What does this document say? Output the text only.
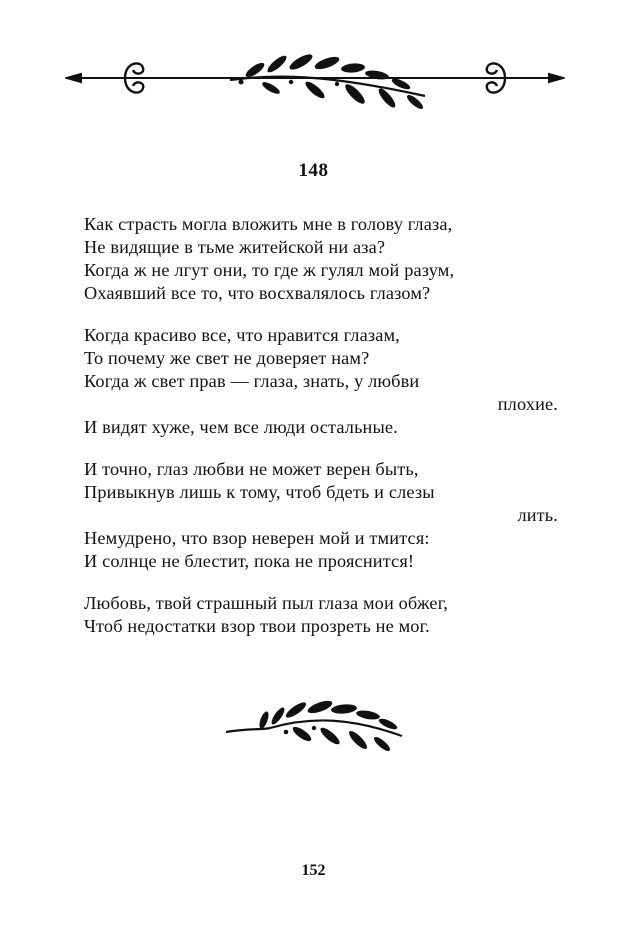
148
Как страсть могла вложить мне в голову глаза,
Не видящие в тьме житейской ни аза?
Когда ж не лгут они, то где ж гулял мой разум,
Охаявший все то, что восхвалялось глазом?
Когда красиво все, что нравится глазам,
То почему же свет не доверяет нам?
Когда ж свет прав — глаза, знать, у любви
плохие.
И видят хуже, чем все люди остальные.
И точно, глаз любви не может верен быть,
Привыкнув лишь к тому, чтоб бдеть и слезы
лить.
Немудрено, что взор неверен мой и тмится:
И солнце не блестит, пока не прояснится!
Любовь, твой страшный пыл глаза мои обжег,
Чтоб недостатки взор твои прозреть не мог.
152
